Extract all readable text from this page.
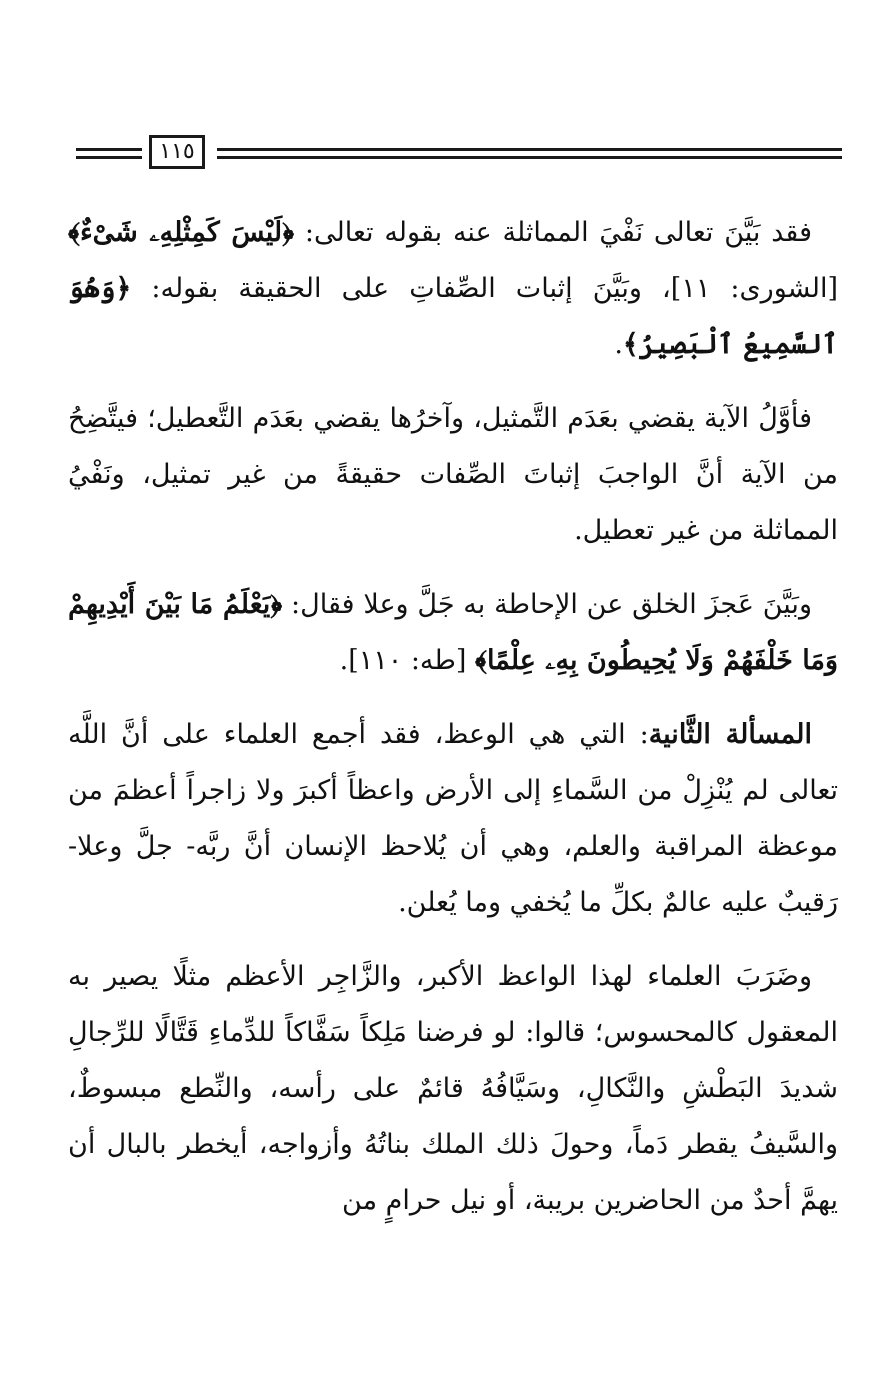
١١٥

فقد بَيَّنَ تعالى نَفْيَ المماثلة عنه بقوله تعالى: ﴿لَيْسَ كَمِثْلِهِۦ شَىْءٌ﴾ [الشورى: ١١]، وبَيَّنَ إثبات الصِّفاتِ على الحقيقة بقوله: ﴿وَهُوَ ٱلسَّمِيعُ ٱلْبَصِيرُ﴾.

فأوَّلُ الآية يقضي بعَدَم التَّمثيل، وآخرُها يقضي بعَدَم التَّعطيل؛ فيتَّضِحُ من الآية أنَّ الواجبَ إثباتَ الصِّفات حقيقةً من غير تمثيل، ونَفْيُ المماثلة من غير تعطيل.

وبَيَّنَ عَجزَ الخلق عن الإحاطة به جَلَّ وعلا فقال: ﴿يَعْلَمُ مَا بَيْنَ أَيْدِيهِمْ وَمَا خَلْفَهُمْ وَلَا يُحِيطُونَ بِهِۦ عِلْمًا﴾ [طه: ١١٠].

المسألة الثَّانية: التي هي الوعظ، فقد أجمع العلماء على أنَّ اللَّه تعالى لم يُنْزِلْ من السَّماءِ إلى الأرض واعظاً أكبرَ ولا زاجراً أعظمَ من موعظة المراقبة والعلم، وهي أن يُلاحظ الإنسان أنَّ ربَّه- جلَّ وعلا- رَقيبٌ عليه عالمٌ بكلِّ ما يُخفي وما يُعلن.

وضَرَبَ العلماء لهذا الواعظ الأكبر، والزَّاجِر الأعظم مثلًا يصير به المعقول كالمحسوس؛ قالوا: لو فرضنا مَلِكاً سَفَّاكاً للدِّماءِ قَتَّالًا للرِّجالِ شديدَ البَطْشِ والنَّكالِ، وسَيَّافُهُ قائمٌ على رأسه، والنِّطع مبسوطٌ، والسَّيفُ يقطر دَماً، وحولَ ذلك الملك بناتُهُ وأزواجه، أيخطر بالبال أن يهمَّ أحدٌ من الحاضرين بريبة، أو نيل حرامٍ من
